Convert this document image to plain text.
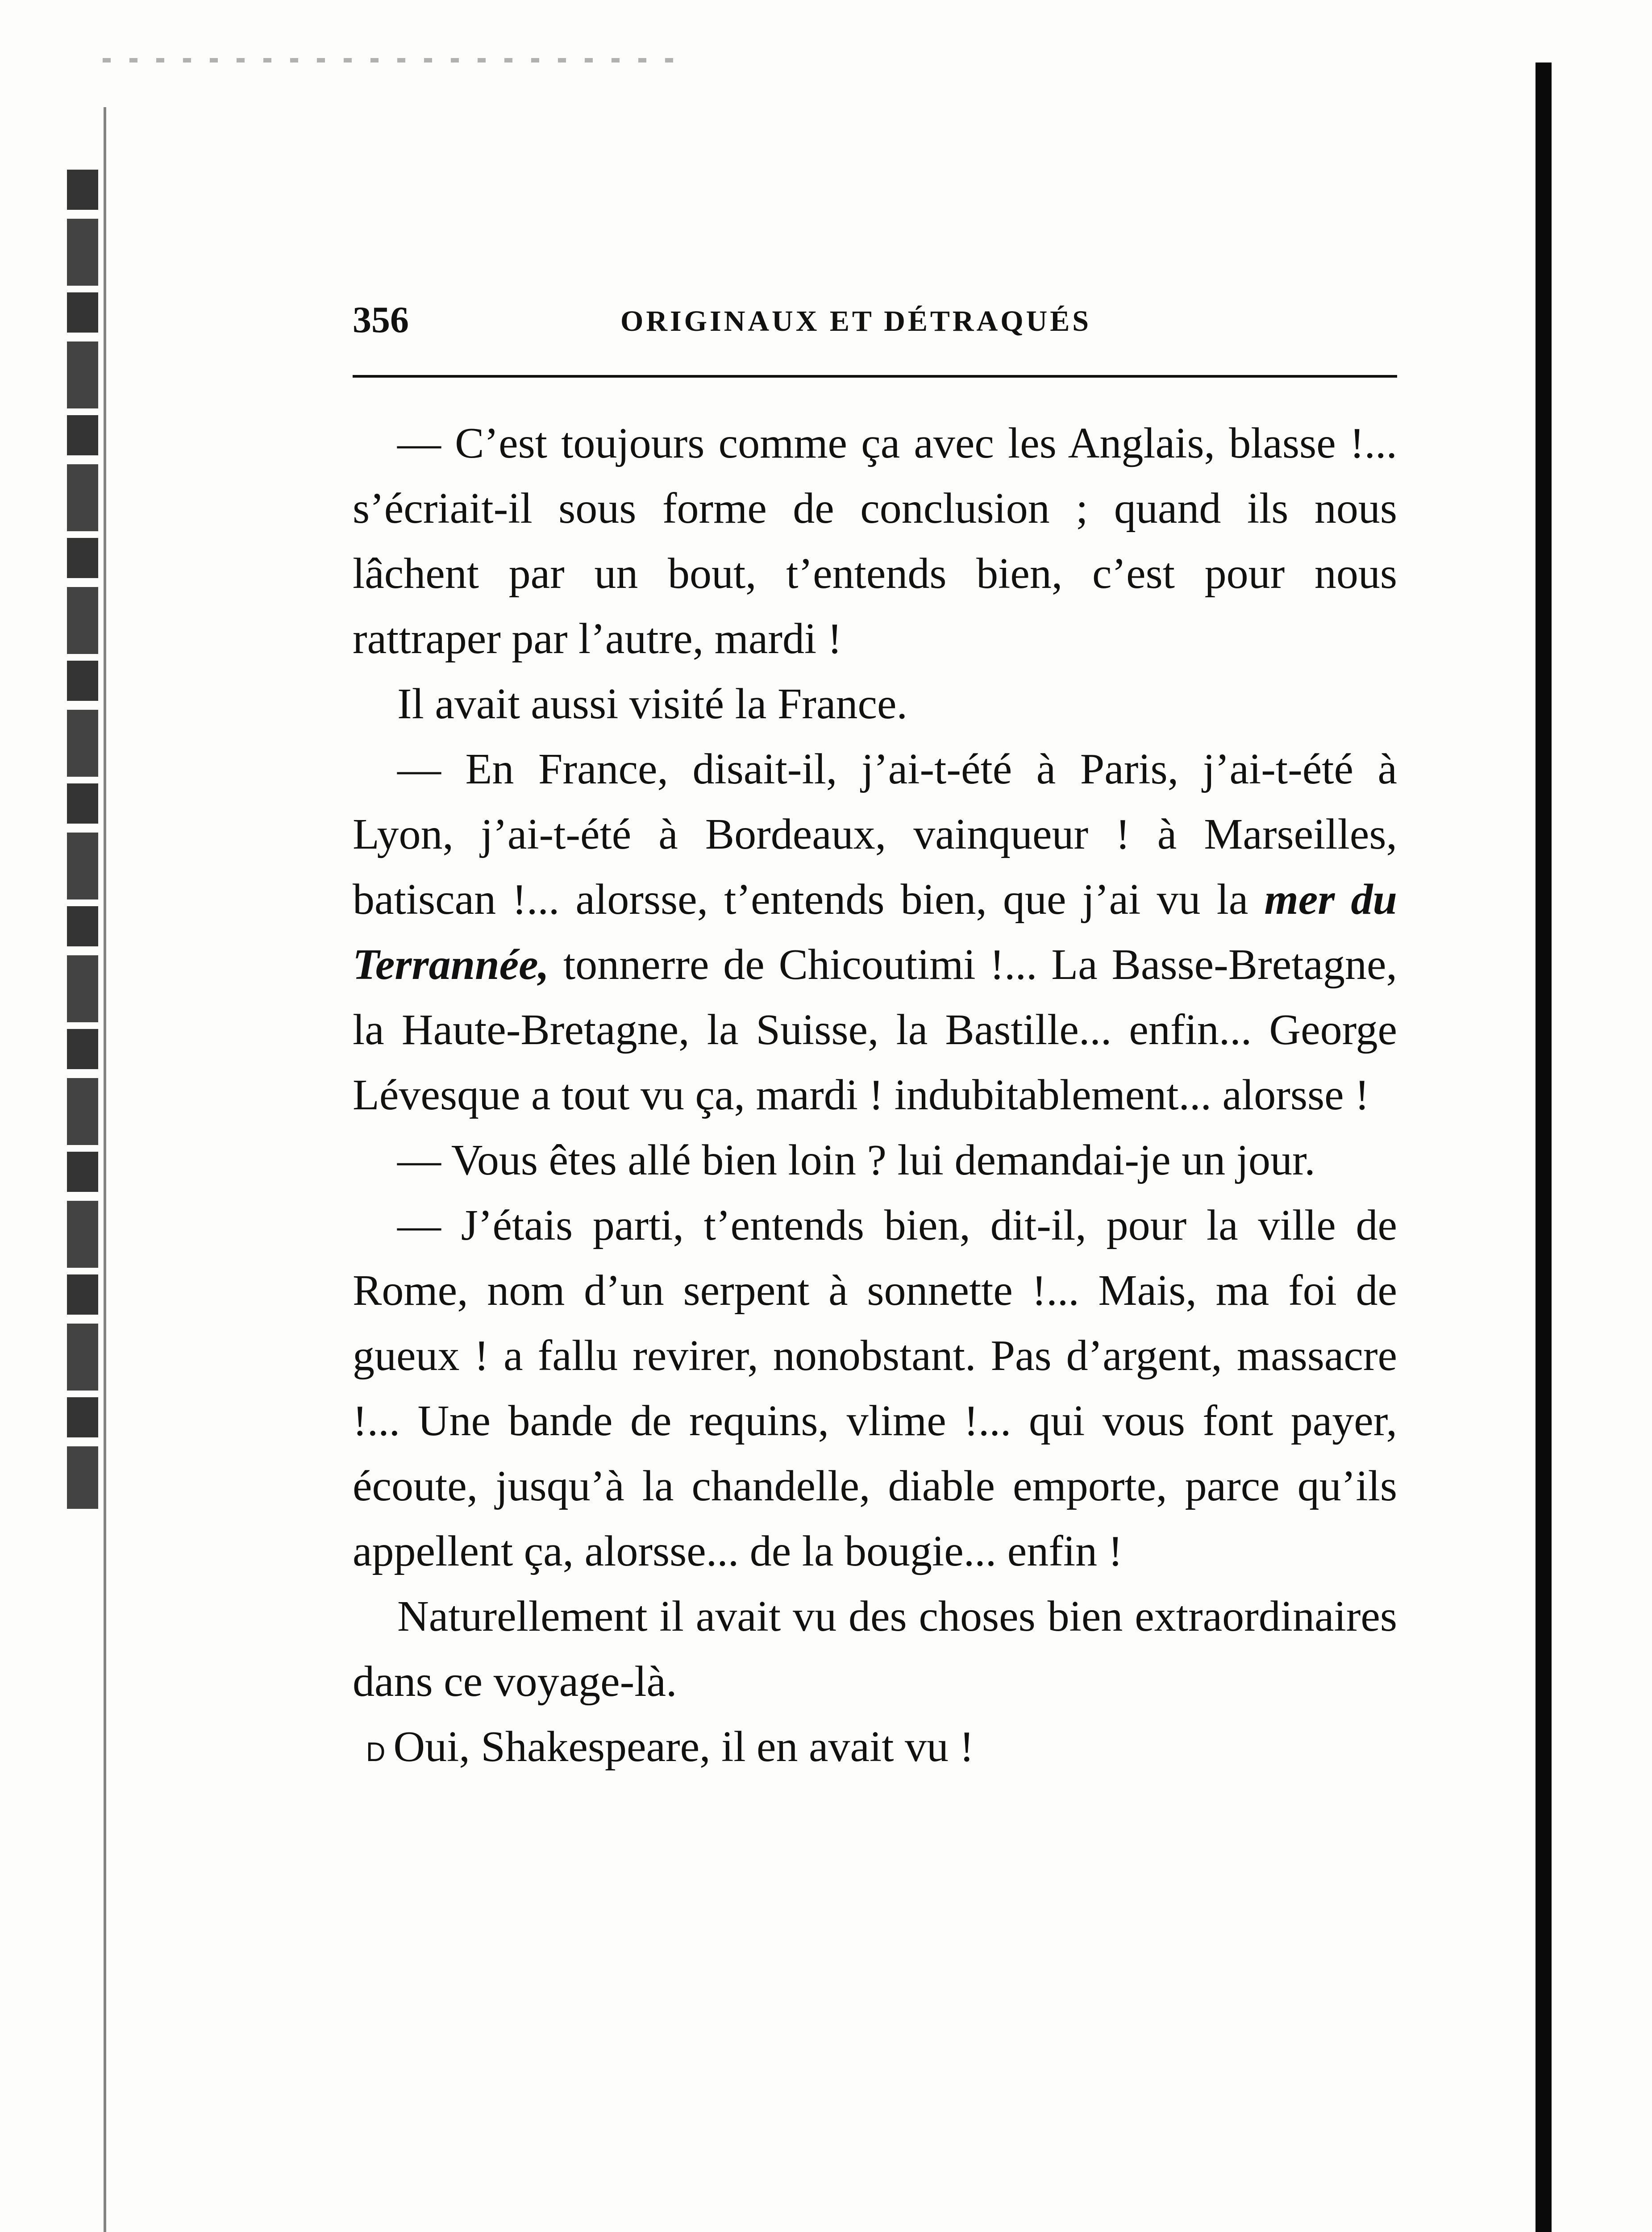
356	ORIGINAUX ET DÉTRAQUÉS

— C’est toujours comme ça avec les Anglais, blasse !... s’écriait-il sous forme de conclusion ; quand ils nous lâchent par un bout, t’entends bien, c’est pour nous rattraper par l’autre, mardi !

Il avait aussi visité la France.

— En France, disait-il, j’ai-t-été à Paris, j’ai-t-été à Lyon, j’ai-t-été à Bordeaux, vainqueur ! à Marseilles, batiscan !... alorsse, t’entends bien, que j’ai vu la mer du Terrannée, tonnerre de Chicoutimi !... La Basse-Bretagne, la Haute-Bretagne, la Suisse, la Bastille... enfin... George Lévesque a tout vu ça, mardi ! indubitablement... alorsse !

— Vous êtes allé bien loin ? lui demandai-je un jour.

— J’étais parti, t’entends bien, dit-il, pour la ville de Rome, nom d’un serpent à sonnette !... Mais, ma foi de gueux ! a fallu revirer, nonobstant. Pas d’argent, massacre !... Une bande de requins, vlime !... qui vous font payer, écoute, jusqu’à la chandelle, diable emporte, parce qu’ils appellent ça, alorsse... de la bougie... enfin !

Naturellement il avait vu des choses bien extraordinaires dans ce voyage-là.

D Oui, Shakespeare, il en avait vu !
